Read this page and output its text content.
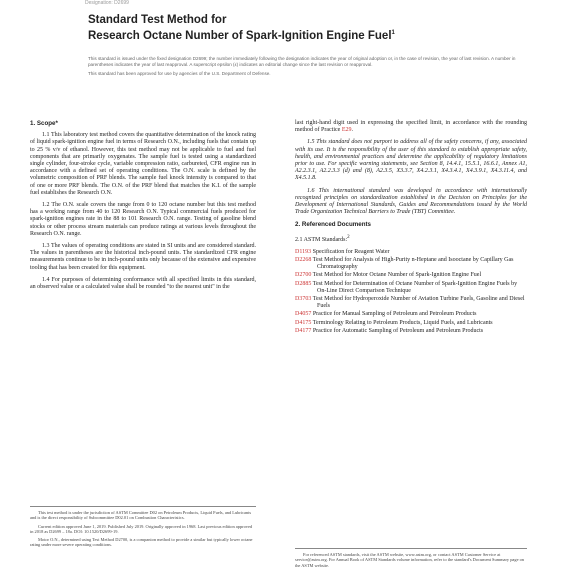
Designation: D2699
Standard Test Method for
Research Octane Number of Spark-Ignition Engine Fuel$^1$

This standard is issued under the fixed designation D2699; the number immediately following the designation indicates the year of original adoption or, in the case of revision, the year of last revision. A number in parentheses indicates the year of last reapproval. A superscript epsilon (ε) indicates an editorial change since the last revision or reapproval.

This standard has been approved for use by agencies of the U.S. Department of Defense.

1. Scope*

1.1 This laboratory test method covers the quantitative determination of the knock rating of liquid spark-ignition engine fuel in terms of Research O.N., including fuels that contain up to 25 % v/v of ethanol. However, this test method may not be applicable to fuel and fuel components that are primarily oxygenates. The sample fuel is tested using a standardized single cylinder, four-stroke cycle, variable compression ratio, carbureted, CFR engine run in accordance with a defined set of operating conditions. The O.N. scale is defined by the volumetric composition of PRF blends. The sample fuel knock intensity is compared to that of one or more PRF blends. The O.N. of the PRF blend that matches the K.I. of the sample fuel establishes the Research O.N.

1.2 The O.N. scale covers the range from 0 to 120 octane number but this test method has a working range from 40 to 120 Research O.N. Typical commercial fuels produced for spark-ignition engines rate in the 88 to 101 Research O.N. range. Testing of gasoline blend stocks or other process stream materials can produce ratings at various levels throughout the Research O.N. range.

1.3 The values of operating conditions are stated in SI units and are considered standard. The values in parentheses are the historical inch-pound units. The standardized CFR engine measurements continue to be in inch-pound units only because of the extensive and expensive tooling that has been created for this equipment.

1.4 For purposes of determining conformance with all specified limits in this standard, an observed value or a calculated value shall be rounded "to the nearest unit" in the

last right-hand digit used in expressing the specified limit, in accordance with the rounding method of Practice E29.

1.5 This standard does not purport to address all of the safety concerns, if any, associated with its use. It is the responsibility of the user of this standard to establish appropriate safety, health, and environmental practices and determine the applicability of regulatory limitations prior to use. For specific warning statements, see Section 8, 14.4.1, 15.5.1, 16.6.1, Annex A1, A2.2.3.1, A2.2.3.3 (d) and (8), A2.3.5, X3.3.7, X4.2.3.1, X4.3.4.1, X4.3.9.1, X4.3.11.4, and X4.5.1.8.

1.6 This international standard was developed in accordance with internationally recognized principles on standardization established in the Decision on Principles for the Development of International Standards, Guides and Recommendations issued by the World Trade Organization Technical Barriers to Trade (TBT) Committee.

2. Referenced Documents

2.1 ASTM Standards:$^2$

D1193 Specification for Reagent Water

D2268 Test Method for Analysis of High-Purity n-Heptane and Isooctane by Capillary Gas Chromatography

D2700 Test Method for Motor Octane Number of Spark-Ignition Engine Fuel

D2885 Test Method for Determination of Octane Number of Spark-Ignition Engine Fuels by On-Line Direct Comparison Technique

D3703 Test Method for Hydroperoxide Number of Aviation Turbine Fuels, Gasoline and Diesel Fuels

D4057 Practice for Manual Sampling of Petroleum and Petroleum Products

D4175 Terminology Relating to Petroleum Products, Liquid Fuels, and Lubricants

D4177 Practice for Automatic Sampling of Petroleum and Petroleum Products

This test method is under the jurisdiction of ASTM Committee D02 on Petroleum Products, Liquid Fuels, and Lubricants and is the direct responsibility of Subcommittee D02.01 on Combustion Characteristics.

Current edition approved June 1, 2019. Published July 2019. Originally approved in 1968. Last previous edition approved in 2018 as D2699 – 18a. DOI: 10.1520/D2699-19.

Motor O.N., determined using Test Method D2700, is a companion method to provide a similar but typically lower octane rating under more severe operating conditions.

For referenced ASTM standards, visit the ASTM website, www.astm.org, or contact ASTM Customer Service at service@astm.org. For Annual Book of ASTM Standards volume information, refer to the standard's Document Summary page on the ASTM website.
